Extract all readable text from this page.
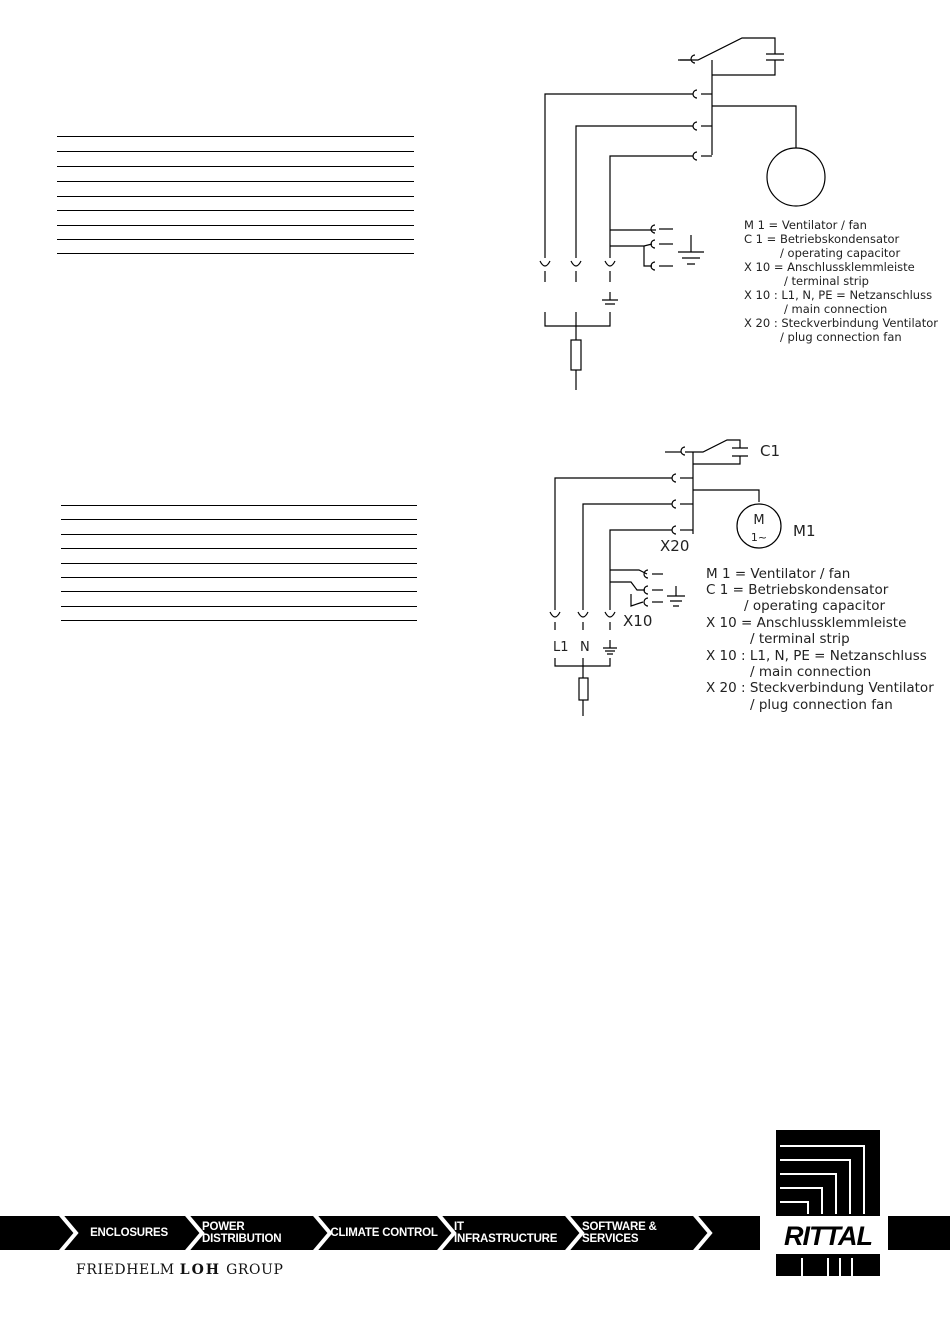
M 1 = Ventilator / fan
C 1 = Betriebskondensator
/ operating capacitor
X 10 = Anschlussklemmleiste
/ terminal strip
X 10 : L1, N, PE = Netzanschluss
/ main connection
X 20 : Steckverbindung Ventilator
/ plug connection fan
M
1~ M1
C1
X20
X10
L1 N
M 1 = Ventilator / fan
C 1 = Betriebskondensator
/ operating capacitor
X 10 = Anschlussklemmleiste
/ terminal strip
X 10 : L1, N, PE = Netzanschluss
/ main connection
X 20 : Steckverbindung Ventilator
/ plug connection fan
ENCLOSURES	POWER DISTRIBUTION	CLIMATE CONTROL IT INFRASTRUCTURE
SOFTWARE & SERVICES
FRIEDHELM LOH GROUP
RITTAL
